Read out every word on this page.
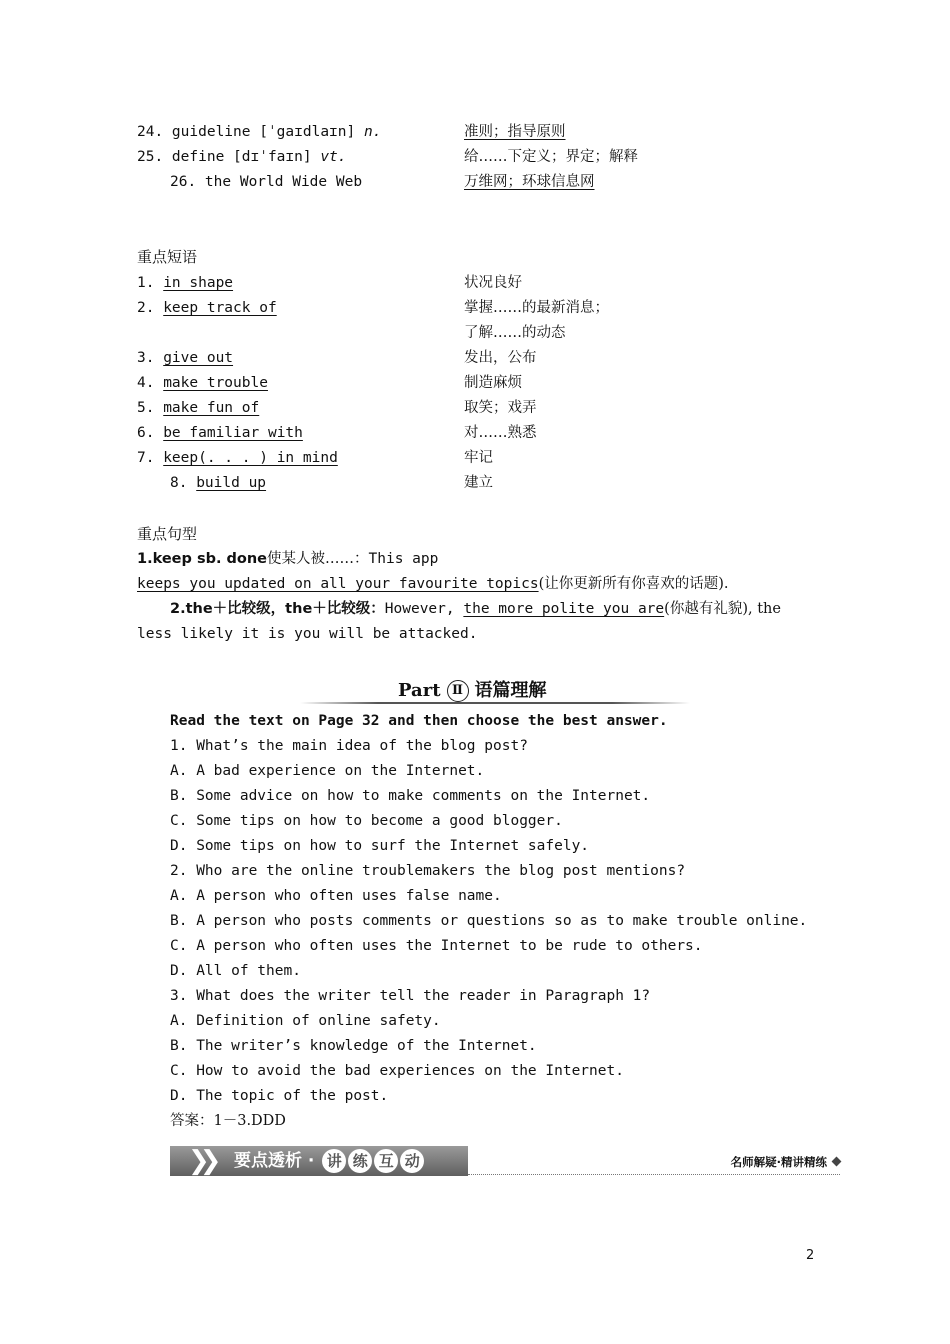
24. guideline [ˈgaɪdlaɪn] n.	准则；指导原则
25. define [dɪˈfaɪn] vt.	给……下定义；界定；解释
26. the World Wide Web	万维网；环球信息网
重点短语
1. in shape	状况良好
2. keep track of	掌握……的最新消息；
了解……的动态
3. give out	发出，公布
4. make trouble	制造麻烦
5. make fun of	取笑；戏弄
6. be familiar with	对……熟悉
7. keep(. . . ) in mind	牢记
8. build up	建立
重点句型
1.keep sb. done使某人被……：This app
keeps you updated on all your favourite topics(让你更新所有你喜欢的话题).
2.the＋比较级，the＋比较级：However, the more polite you are(你越有礼貌), the
less likely it is you will be attacked.
Part Ⅱ 语篇理解
Read the text on Page 32 and then choose the best answer.
1. What’s the main idea of the blog post?
A. A bad experience on the Internet.
B. Some advice on how to make comments on the Internet.
C. Some tips on how to become a good blogger.
D. Some tips on how to surf the Internet safely.
2. Who are the online troublemakers the blog post mentions?
A. A person who often uses false name.
B. A person who posts comments or questions so as to make trouble online.
C. A person who often uses the Internet to be rude to others.
D. All of them.
3. What does the writer tell the reader in Paragraph 1?
A. Definition of online safety.
B. The writer’s knowledge of the Internet.
C. How to avoid the bad experiences on the Internet.
D. The topic of the post.
答案：1－3.DDD
❯❯ 要点透析 · 讲 练 互 动	名师解疑·精讲精练
2
